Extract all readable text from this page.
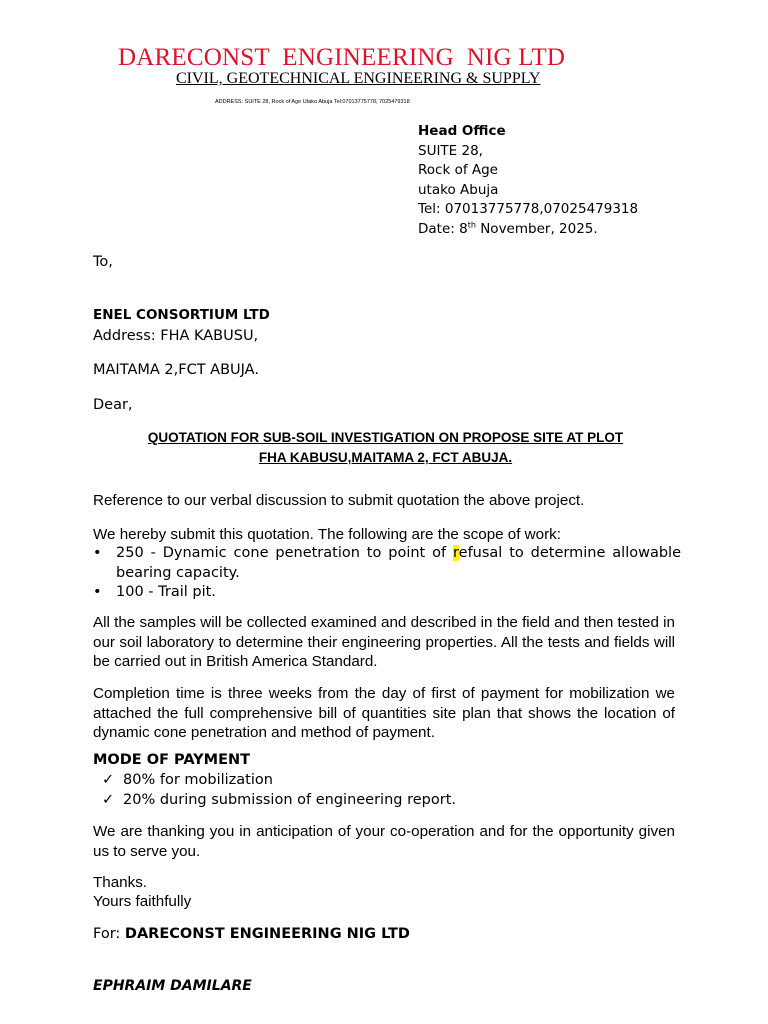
DARECONST  ENGINEERING  NIG LTD
CIVIL, GEOTECHNICAL ENGINEERING & SUPPLY
ADDRESS: SUITE 28, Rock of Age Utako Abuja Tel:07013775778, 7025479318
Head Office
SUITE 28,
Rock of Age
utako Abuja
Tel: 07013775778,07025479318
Date: 8th November, 2025.
To,
ENEL CONSORTIUM LTD
Address: FHA KABUSU,
MAITAMA 2,FCT ABUJA.
Dear,
QUOTATION FOR SUB-SOIL INVESTIGATION ON PROPOSE SITE AT PLOT
FHA KABUSU,MAITAMA 2, FCT ABUJA.
Reference to our verbal discussion to submit quotation the above project.
We hereby submit this quotation. The following are the scope of work:
• 250 - Dynamic cone penetration to point of refusal to determine allowable bearing capacity.
• 100 - Trail pit.
All the samples will be collected examined and described in the field and then tested in our soil laboratory to determine their engineering properties. All the tests and fields will be carried out in British America Standard.
Completion time is three weeks from the day of first of payment for mobilization we attached the full comprehensive bill of quantities site plan that shows the location of dynamic cone penetration and method of payment.
MODE OF PAYMENT
✓ 80% for mobilization
✓ 20% during submission of engineering report.
We are thanking you in anticipation of your co-operation and for the opportunity given us to serve you.
Thanks.
Yours faithfully
For: DARECONST ENGINEERING NIG LTD
EPHRAIM DAMILARE
